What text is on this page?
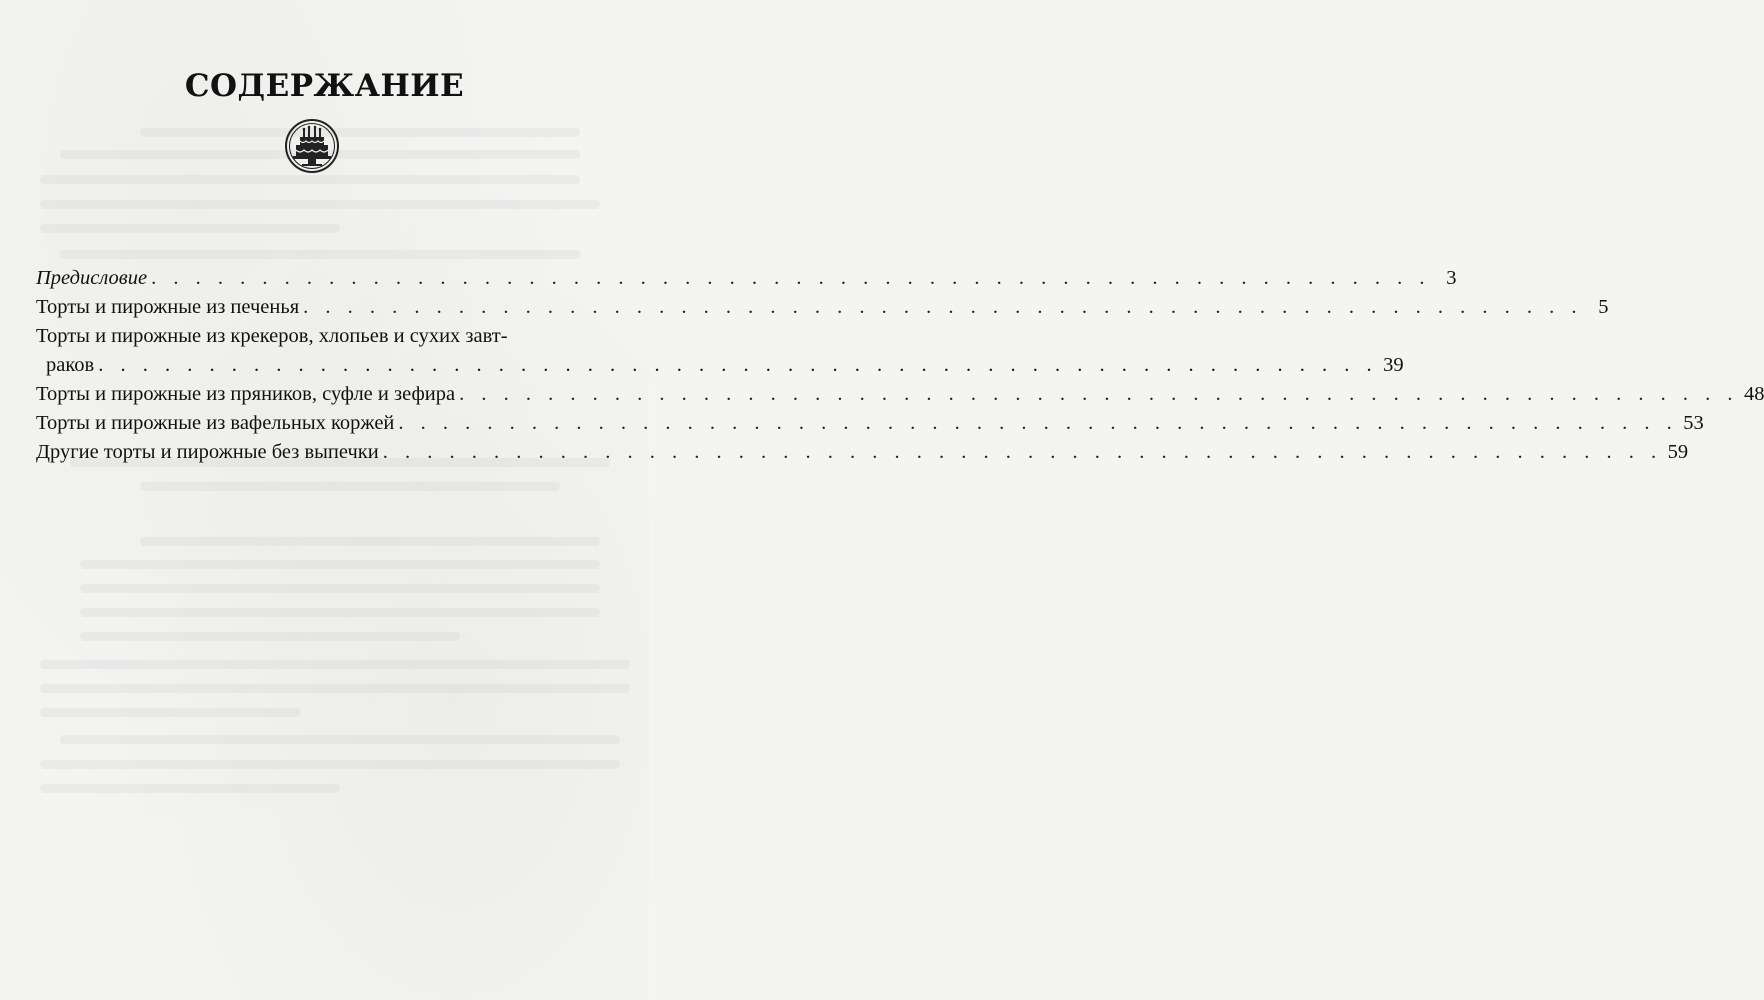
СОДЕРЖАНИЕ
Предисловие . . . . . . . . . . . . . . . . . . . . . . . . . . . . . . . . . . . . . . . . . . . . . . . . . . . . . . . . . . 3
Торты и пирожные из печенья . . . . . . . . . . . . . . . . . . . . . . . . . . . . . . . . . . . . . . . . . . . . . . . . . . . . . . . . . . 5
Торты и пирожные из крекеров, хлопьев и сухих завт-
раков . . . . . . . . . . . . . . . . . . . . . . . . . . . . . . . . . . . . . . . . . . . . . . . . . . . . . . . . . . 39
Торты и пирожные из пряников, суфле и зефира . . . . . . . . . . . . . . . . . . . . . . . . . . . . . . . . . . . . . . . . . . . . . . . . . . . . . . . . . . 48
Торты и пирожные из вафельных коржей . . . . . . . . . . . . . . . . . . . . . . . . . . . . . . . . . . . . . . . . . . . . . . . . . . . . . . . . . . 53
Другие торты и пирожные без выпечки . . . . . . . . . . . . . . . . . . . . . . . . . . . . . . . . . . . . . . . . . . . . . . . . . . . . . . . . . . 59
